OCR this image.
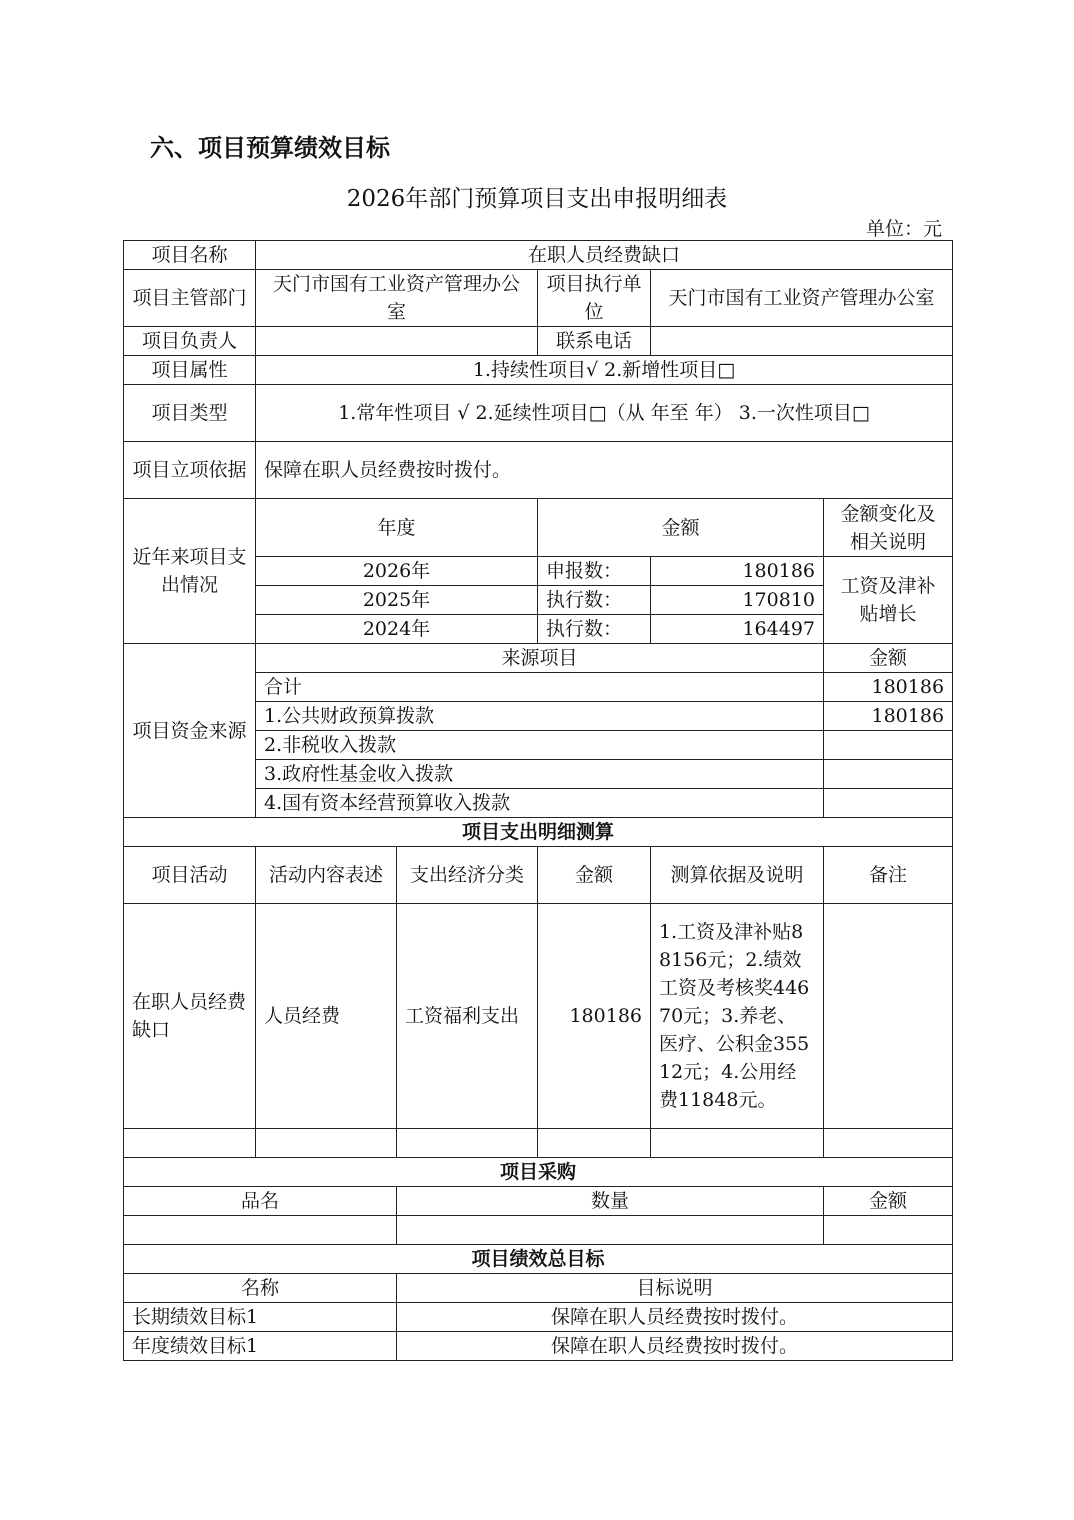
六、项目预算绩效目标
2026年部门预算项目支出申报明细表
单位：元
项目名称	在职人员经费缺口				
项目主管部门	天门市国有工业资产管理办公室		项目执行单位	天门市国有工业资产管理办公室	
项目负责人			联系电话		
项目属性	1.持续性项目√ 2.新增性项目□				
项目类型	1.常年性项目 √ 2.延续性项目□（从 年至 年） 3.一次性项目□				
项目立项依据	保障在职人员经费按时拨付。				
近年来项目支出情况	年度		金额		金额变化及相关说明
	2026年		申报数：	180186	工资及津补贴增长
	2025年		执行数：	170810	
	2024年		执行数：	164497	
项目资金来源	来源项目				金额
	合计				180186
	1.公共财政预算拨款				180186
	2.非税收入拨款				
	3.政府性基金收入拨款				
	4.国有资本经营预算收入拨款				
项目支出明细测算					
项目活动	活动内容表述	支出经济分类	金额	测算依据及说明	备注
在职人员经费缺口	人员经费	工资福利支出	180186	1.工资及津补贴88156元；2.绩效工资及考核奖44670元；3.养老、医疗、公积金35512元；4.公用经费11848元。	

项目采购					
品名		数量			金额

项目绩效总目标					
名称		目标说明			
长期绩效目标1		保障在职人员经费按时拨付。			
年度绩效目标1		保障在职人员经费按时拨付。			
